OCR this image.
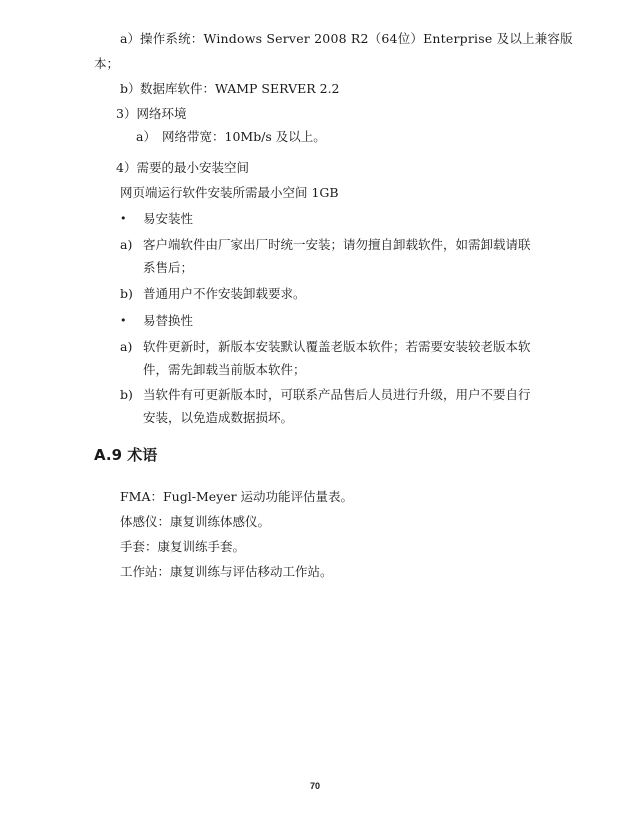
a） 操作系统：Windows Server 2008 R2（64位）Enterprise 及以上兼容版
本；
b） 数据库软件：WAMP SERVER 2.2
3）网络环境
a） 网络带宽：10Mb/s 及以上。
4）需要的最小安装空间
网页端运行软件安装所需最小空间 1GB
• 易安装性
a) 客户端软件由厂家出厂时统一安装；请勿擅自卸载软件，如需卸载请联
系售后；
b) 普通用户不作安装卸载要求。
• 易替换性
a) 软件更新时，新版本安装默认覆盖老版本软件；若需要安装较老版本软
件，需先卸载当前版本软件；
b) 当软件有可更新版本时，可联系产品售后人员进行升级，用户不要自行
安装，以免造成数据损坏。
A.9 术语
FMA：Fugl-Meyer 运动功能评估量表。
体感仪：康复训练体感仪。
手套：康复训练手套。
工作站：康复训练与评估移动工作站。
70
